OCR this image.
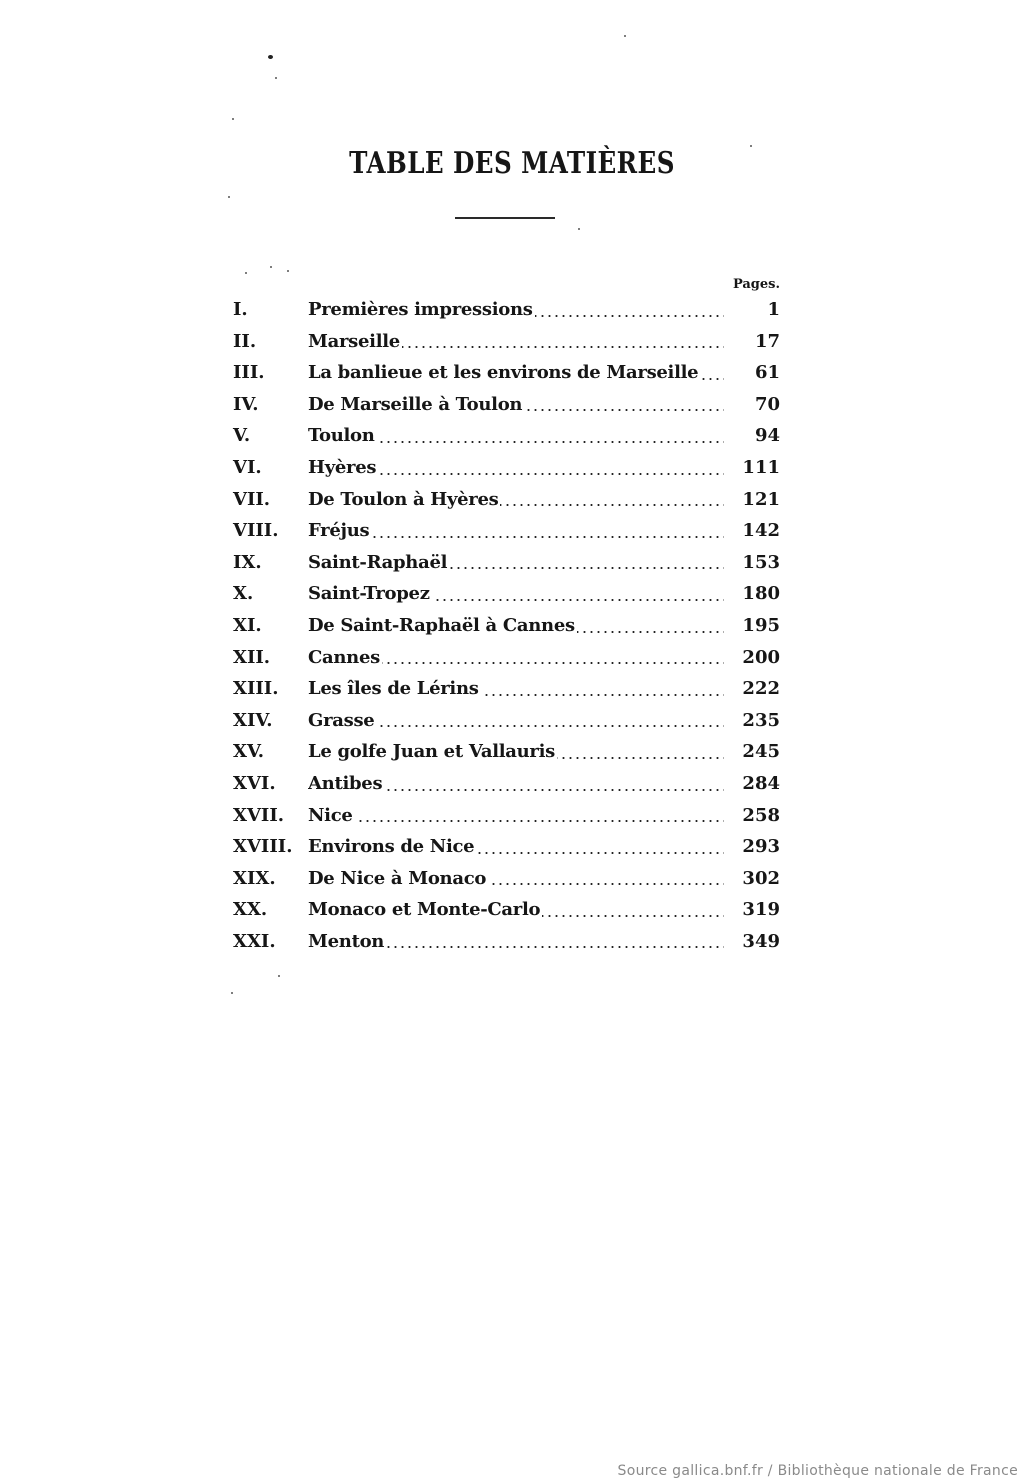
TABLE DES MATIÈRES
Pages.
I.	Premières impressions	1
II.	Marseille	17
III.	La banlieue et les environs de Marseille	61
IV.	De Marseille à Toulon	70
V.	Toulon	94
VI.	Hyères	111
VII.	De Toulon à Hyères	121
VIII.	Fréjus	142
IX.	Saint-Raphaël	153
X.	Saint-Tropez	180
XI.	De Saint-Raphaël à Cannes	195
XII.	Cannes	200
XIII.	Les îles de Lérins	222
XIV.	Grasse	235
XV.	Le golfe Juan et Vallauris	245
XVI.	Antibes	284
XVII.	Nice	258
XVIII. Environs de Nice	293
XIX.	De Nice à Monaco	302
XX.	Monaco et Monte-Carlo	319
XXI.	Menton	349
Source gallica.bnf.fr / Bibliothèque nationale de France
